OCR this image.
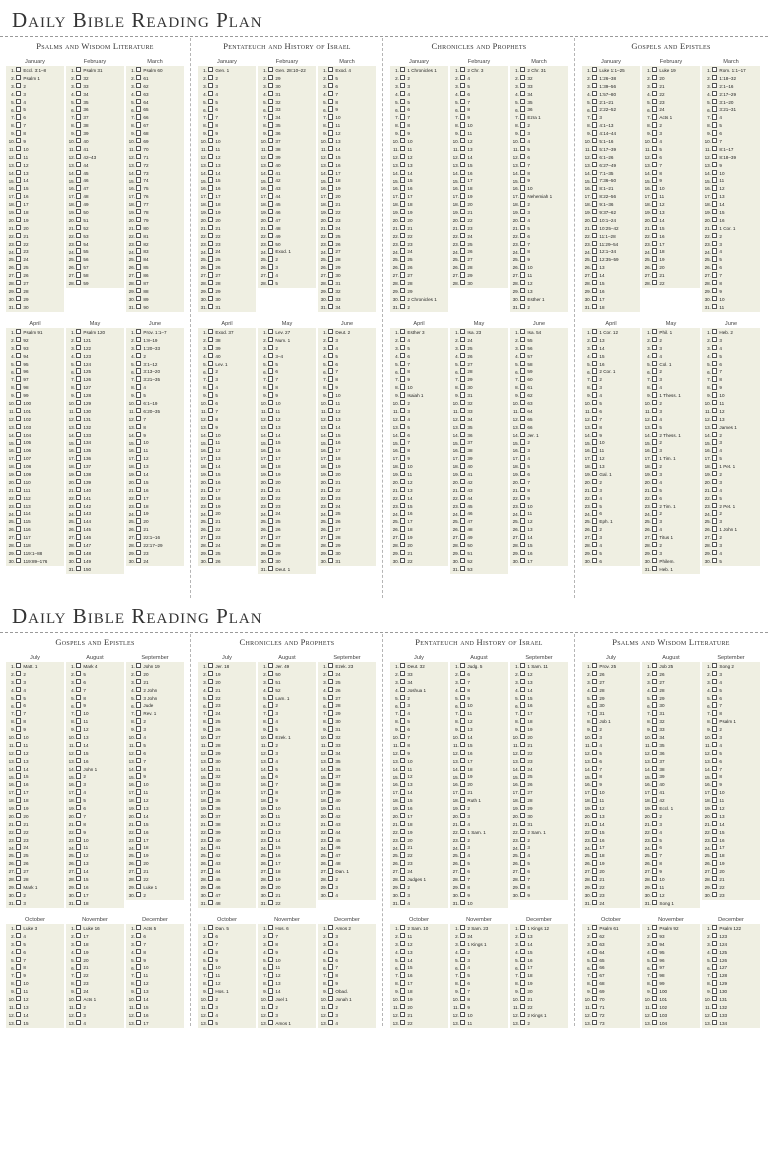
Daily Bible Reading Plan
Psalms and Wisdom Literature
January
1. Eccl. 3:1–8
2. Psalm 1
3. 2
4. 3
5. 4
6. 5
7. 6
8. 7
9. 8
10. 9
11. 10
12. 11
13. 12
14. 13
15. 14
16. 15
17. 16
18. 17
19. 18
20. 19
21. 20
22. 21
23. 22
24. 23
25. 24
26. 25
27. 26
28. 27
29. 28
30. 29
31. 30
February
1. Psalm 31
2. 32
3. 33
4. 34
5. 35
6. 36
7. 37
8. 38
9. 39
10. 40
11. 41
12. 42–43
13. 44
14. 45
15. 46
16. 47
17. 48
18. 49
19. 50
20. 51
21. 52
22. 53
23. 54
24. 55
25. 56
26. 57
27. 58
28. 59
March
1. Psalm 60
2. 61
3. 62
4. 63
5. 64
6. 65
7. 66
8. 67
9. 68
10. 69
11. 70
12. 71
13. 72
14. 73
15. 74
16. 75
17. 76
18. 77
19. 78
20. 79
21. 80
22. 81
23. 82
24. 83
25. 84
26. 85
27. 86
28. 87
29. 88
30. 89
31. 90
April
1. Psalm 91
2. 92
3. 93
4. 94
5. 95
6. 96
7. 97
8. 98
9. 99
10. 100
11. 101
12. 102
13. 103
14. 104
15. 105
16. 106
17. 107
18. 108
19. 109
20. 110
21. 111
22. 112
23. 113
24. 114
25. 115
26. 116
27. 117
28. 118
29. 119:1–88
30. 119:89–176
May
1. Psalm 120
2. 121
3. 122
4. 123
5. 124
6. 125
7. 126
8. 127
9. 128
10. 129
11. 130
12. 131
13. 132
14. 133
15. 134
16. 135
17. 136
18. 137
19. 138
20. 139
21. 140
22. 141
23. 142
24. 143
25. 144
26. 145
27. 146
28. 147
29. 148
30. 149
31. 150
June
1. Prov. 1:1–7
2. 1:8–19
3. 1:20–33
4. 2
5. 3:1–12
6. 3:13–20
7. 3:21–35
8. 4
9. 5
10. 6:1–19
11. 6:20–35
12. 7
13. 8
14. 9
15. 10
16. 11
17. 12
18. 13
19. 14
20. 15
21. 16
22. 17
23. 18
24. 19
25. 20
26. 21
27. 22:1–16
28. 22:17–29
29. 23
30. 24
Pentateuch and History of Israel
January
1. Gen. 1
2. 2
3. 3
4. 4
5. 5
6. 6
7. 7
8. 8
9. 9
10. 10
11. 11
12. 12
13. 13
14. 14
15. 15
16. 16
17. 17
18. 18
19. 19
20. 20
21. 21
22. 22
23. 23
24. 24
25. 25
26. 26
27. 27
28. 28
29. 29
30. 30
31. 31
February
1. Gen. 28:10–22
2. 29
3. 30
4. 31
5. 32
6. 33
7. 34
8. 35
9. 36
10. 37
11. 38
12. 39
13. 40
14. 41
15. 42
16. 43
17. 44
18. 45
19. 46
20. 47
21. 48
22. 49
23. 50
24. Exod. 1
25. 2
26. 3
27. 4
28. 5
March
1. Exod. 4
2. 5
3. 6
4. 7
5. 8
6. 9
7. 10
8. 11
9. 12
10. 13
11. 14
12. 15
13. 16
14. 17
15. 18
16. 19
17. 20
18. 21
19. 22
20. 23
21. 24
22. 25
23. 26
24. 27
25. 28
26. 29
27. 30
28. 31
29. 32
30. 33
31. 34
April
1. Exod. 37
2. 38
3. 39
4. 40
5. Lev. 1
6. 2
7. 3
8. 4
9. 5
10. 6
11. 7
12. 8
13. 9
14. 10
15. 11
16. 12
17. 13
18. 14
19. 15
20. 16
21. 17
22. 18
23. 19
24. 20
25. 21
26. 22
27. 23
28. 24
29. 25
30. 26
May
1. Lev. 27
2. Num. 1
3. 2
4. 3–4
5. 5
6. 6
7. 7
8. 8
9. 9
10. 10
11. 11
12. 12
13. 13
14. 14
15. 15
16. 16
17. 17
18. 18
19. 19
20. 20
21. 21
22. 22
23. 23
24. 24
25. 25
26. 26
27. 27
28. 28
29. 29
30. 30
31. Deut. 1
June
1. Deut. 2
2. 3
3. 4
4. 5
5. 6
6. 7
7. 8
8. 9
9. 10
10. 11
11. 12
12. 13
13. 14
14. 15
15. 16
16. 17
17. 18
18. 19
19. 20
20. 21
21. 22
22. 23
23. 24
24. 25
25. 26
26. 27
27. 28
28. 29
29. 30
30. 31
Chronicles and Prophets
January
1. 1 Chronicles 1
2. 2
3. 3
4. 4
5. 5
6. 6
7. 7
8. 8
9. 9
10. 10
11. 11
12. 12
13. 13
14. 14
15. 15
16. 16
17. 17
18. 18
19. 19
20. 20
21. 21
22. 22
23. 23
24. 24
25. 25
26. 26
27. 27
28. 28
29. 29
30. 2 Chronicles 1
31. 2
February
1. 2 Chr. 3
2. 4
3. 5
4. 6
5. 7
6. 8
7. 9
8. 10
9. 11
10. 12
11. 13
12. 14
13. 15
14. 16
15. 17
16. 18
17. 19
18. 20
19. 21
20. 22
21. 23
22. 24
23. 25
24. 26
25. 27
26. 28
27. 29
28. 30
March
1. 2 Chr. 31
2. 32
3. 33
4. 34
5. 35
6. 36
7. Ezra 1
8. 2
9. 3
10. 4
11. 5
12. 6
13. 7
14. 8
15. 9
16. 10
17. Nehemiah 1
18. 2
19. 3
20. 4
21. 5
22. 6
23. 7
24. 8
25. 9
26. 10
27. 11
28. 12
29. 13
30. Esther 1
31. 2
April
1. Esther 3
2. 4
3. 5
4. 6
5. 7
6. 8
7. 9
8. 10
9. Isaiah 1
10. 2
11. 3
12. 4
13. 5
14. 6
15. 7
16. 8
17. 9
18. 10
19. 11
20. 12
21. 13
22. 14
23. 15
24. 16
25. 17
26. 18
27. 19
28. 20
29. 21
30. 22
May
1. Isa. 23
2. 24
3. 25
4. 26
5. 27
6. 28
7. 29
8. 30
9. 31
10. 32
11. 33
12. 34
13. 35
14. 36
15. 37
16. 38
17. 39
18. 40
19. 41
20. 42
21. 43
22. 44
23. 45
24. 46
25. 47
26. 48
27. 49
28. 50
29. 51
30. 52
31. 53
June
1. Isa. 54
2. 55
3. 56
4. 57
5. 58
6. 59
7. 60
8. 61
9. 62
10. 63
11. 64
12. 65
13. 66
14. Jer. 1
15. 2
16. 3
17. 4
18. 5
19. 6
20. 7
21. 8
22. 9
23. 10
24. 11
25. 12
26. 13
27. 14
28. 15
29. 16
30. 17
Gospels and Epistles
January
1. Luke 1:1–25
2. 1:26–38
3. 1:39–56
4. 1:57–80
5. 2:1–21
6. 2:22–52
7. 3
8. 4:1–13
9. 4:14–44
10. 5:1–16
11. 5:17–39
12. 6:1–26
13. 6:27–49
14. 7:1–35
15. 7:36–50
16. 8:1–21
17. 8:22–56
18. 9:1–36
19. 9:37–62
20. 10:1–24
21. 10:25–42
22. 11:1–28
23. 11:29–54
24. 12:1–34
25. 12:35–59
26. 13
27. 14
28. 15
29. 16
30. 17
31. 18
February
1. Luke 19
2. 20
3. 21
4. 22
5. 23
6. 24
7. Acts 1
8. 2
9. 3
10. 4
11. 5
12. 6
13. 7
14. 8
15. 9
16. 10
17. 11
18. 12
19. 13
20. 14
21. 15
22. 16
23. 17
24. 18
25. 19
26. 20
27. 21
28. 22
March
1. Rom. 1:1–17
2. 1:18–32
3. 2:1–16
4. 2:17–29
5. 3:1–20
6. 3:21–31
7. 4
8. 5
9. 6
10. 7
11. 8:1–17
12. 8:18–39
13. 9
14. 10
15. 11
16. 12
17. 13
18. 14
19. 15
20. 16
21. 1 Cor. 1
22. 2
23. 3
24. 4
25. 5
26. 6
27. 7
28. 8
29. 9
30. 10
31. 11
April
1. 1 Cor. 12
2. 13
3. 14
4. 15
5. 16
6. 2 Cor. 1
7. 2
8. 3
9. 4
10. 5
11. 6
12. 7
13. 8
14. 9
15. 10
16. 11
17. 12
18. 13
19. Gal. 1
20. 2
21. 3
22. 4
23. 5
24. 6
25. Eph. 1
26. 2
27. 3
28. 4
29. 5
30. 6
May
1. Phil. 1
2. 2
3. 3
4. 4
5. Col. 1
6. 2
7. 3
8. 4
9. 1 Thess. 1
10. 2
11. 3
12. 4
13. 5
14. 2 Thess. 1
15. 2
16. 3
17. 1 Tim. 1
18. 2
19. 3
20. 4
21. 5
22. 6
23. 2 Tim. 1
24. 2
25. 3
26. 4
27. Titus 1
28. 2
29. 3
30. Philem.
31. Heb. 1
June
1. Heb. 2
2. 3
3. 4
4. 5
5. 6
6. 7
7. 8
8. 9
9. 10
10. 11
11. 12
12. 13
13. James 1
14. 2
15. 3
16. 4
17. 5
18. 1 Pet. 1
19. 2
20. 3
21. 4
22. 5
23. 2 Pet. 1
24. 2
25. 3
26. 1 John 1
27. 2
28. 3
29. 4
30. 5
Daily Bible Reading Plan
Gospels and Epistles
July
1. Matt. 1
2. 2
3. 3
4. 4
5. 5
6. 6
7. 7
8. 8
9. 9
10. 10
11. 11
12. 12
13. 13
14. 14
15. 15
16. 16
17. 17
18. 18
19. 19
20. 20
21. 21
22. 22
23. 23
24. 24
25. 25
26. 26
27. 27
28. 28
29. Mark 1
30. 2
31. 3
August
1. Mark 4
2. 5
3. 6
4. 7
5. 8
6. 9
7. 10
8. 11
9. 12
10. 13
11. 14
12. 15
13. 16
14. John 1
15. 2
16. 3
17. 4
18. 5
19. 6
20. 7
21. 8
22. 9
23. 10
24. 11
25. 12
26. 13
27. 14
28. 15
29. 16
30. 17
31. 18
September
1. John 19
2. 20
3. 21
4. 2 John
5. 3 John
6. Jude
7. Rev. 1
8. 2
9. 3
10. 4
11. 5
12. 6
13. 7
14. 8
15. 9
16. 10
17. 11
18. 12
19. 13
20. 14
21. 15
22. 16
23. 17
24. 18
25. 19
26. 20
27. 21
28. 22
29. Luke 1
30. 2
October
1. Luke 3
2. 4
3. 5
4. 6
5. 7
6. 8
7. 9
8. 10
9. 11
10. 12
11. 13
12. 14
13. 15
November
1. Luke 16
2. 17
3. 18
4. 19
5. 20
6. 21
7. 22
8. 23
9. 24
10. Acts 1
11. 2
12. 3
13. 4
December
1. Acts 5
2. 6
3. 7
4. 8
5. 9
6. 10
7. 11
8. 12
9. 13
10. 14
11. 15
12. 16
13. 17
Chronicles and Prophets
July
1. Jer. 18
2. 19
3. 20
4. 21
5. 22
6. 23
7. 24
8. 25
9. 26
10. 27
11. 28
12. 29
13. 30
14. 31
15. 32
16. 33
17. 34
18. 35
19. 36
20. 37
21. 38
22. 39
23. 40
24. 41
25. 42
26. 43
27. 44
28. 45
29. 46
30. 47
31. 48
August
1. Jer. 49
2. 50
3. 51
4. 52
5. Lam. 1
6. 2
7. 3
8. 4
9. 5
10. Ezek. 1
11. 2
12. 3
13. 4
14. 5
15. 6
16. 7
17. 8
18. 9
19. 10
20. 11
21. 12
22. 13
23. 14
24. 15
25. 16
26. 17
27. 18
28. 19
29. 20
30. 21
31. 22
September
1. Ezek. 23
2. 24
3. 25
4. 26
5. 27
6. 28
7. 29
8. 30
9. 31
10. 32
11. 33
12. 34
13. 35
14. 36
15. 37
16. 38
17. 39
18. 40
19. 41
20. 42
21. 43
22. 44
23. 45
24. 46
25. 47
26. 48
27. Dan. 1
28. 2
29. 3
30. 4
October
1. Dan. 5
2. 6
3. 7
4. 8
5. 9
6. 10
7. 11
8. 12
9. Hos. 1
10. 2
11. 3
12. 4
13. 5
November
1. Hos. 6
2. 7
3. 8
4. 9
5. 10
6. 11
7. 12
8. 13
9. 14
10. Joel 1
11. 2
12. 3
13. Amos 1
December
1. Amos 2
2. 3
3. 4
4. 5
5. 6
6. 7
7. 8
8. 9
9. Obad.
10. Jonah 1
11. 2
12. 3
13. 4
Pentateuch and History of Israel
July
1. Deut. 32
2. 33
3. 34
4. Joshua 1
5. 2
6. 3
7. 4
8. 5
9. 6
10. 7
11. 8
12. 9
13. 10
14. 11
15. 12
16. 13
17. 14
18. 15
19. 16
20. 17
21. 18
22. 19
23. 20
24. 21
25. 22
26. 23
27. 24
28. Judges 1
29. 2
30. 3
31. 4
August
1. Judg. 5
2. 6
3. 7
4. 8
5. 9
6. 10
7. 11
8. 12
9. 13
10. 14
11. 15
12. 16
13. 17
14. 18
15. 19
16. 20
17. 21
18. Ruth 1
19. 2
20. 3
21. 4
22. 1 Sam. 1
23. 2
24. 3
25. 4
26. 5
27. 6
28. 7
29. 8
30. 9
31. 10
September
1. 1 Sam. 11
2. 12
3. 13
4. 14
5. 15
6. 16
7. 17
8. 18
9. 19
10. 20
11. 21
12. 22
13. 23
14. 24
15. 25
16. 26
17. 27
18. 28
19. 29
20. 30
21. 31
22. 2 Sam. 1
23. 2
24. 3
25. 4
26. 5
27. 6
28. 7
29. 8
30. 9
October
1. 2 Sam. 10
2. 11
3. 12
4. 13
5. 14
6. 15
7. 16
8. 17
9. 18
10. 19
11. 20
12. 21
13. 22
November
1. 2 Sam. 23
2. 24
3. 1 Kings 1
4. 2
5. 3
6. 4
7. 5
8. 6
9. 7
10. 8
11. 9
12. 10
13. 11
December
1. 1 Kings 12
2. 13
3. 14
4. 15
5. 16
6. 17
7. 18
8. 19
9. 20
10. 21
11. 22
12. 2 Kings 1
13. 2
Psalms and Wisdom Literature
July
1. Prov. 25
2. 26
3. 27
4. 28
5. 29
6. 30
7. 31
8. Job 1
9. 2
10. 3
11. 4
12. 5
13. 6
14. 7
15. 8
16. 9
17. 10
18. 11
19. 12
20. 13
21. 14
22. 15
23. 16
24. 17
25. 18
26. 19
27. 20
28. 21
29. 22
30. 23
31. 24
August
1. Job 25
2. 26
3. 27
4. 28
5. 29
6. 30
7. 31
8. 32
9. 33
10. 34
11. 35
12. 36
13. 37
14. 38
15. 39
16. 40
17. 41
18. 42
19. Eccl. 1
20. 2
21. 3
22. 4
23. 5
24. 6
25. 7
26. 8
27. 9
28. 10
29. 11
30. 12
31. Song 1
September
1. Song 2
2. 3
3. 4
4. 5
5. 6
6. 7
7. 8
8. Psalm 1
9. 2
10. 3
11. 4
12. 5
13. 6
14. 7
15. 8
16. 9
17. 10
18. 11
19. 12
20. 13
21. 14
22. 15
23. 16
24. 17
25. 18
26. 19
27. 20
28. 21
29. 22
30. 23
October
1. Psalm 61
2. 62
3. 63
4. 64
5. 65
6. 66
7. 67
8. 68
9. 69
10. 70
11. 71
12. 72
13. 73
November
1. Psalm 92
2. 93
3. 94
4. 95
5. 96
6. 97
7. 98
8. 99
9. 100
10. 101
11. 102
12. 103
13. 104
December
1. Psalm 122
2. 123
3. 124
4. 125
5. 126
6. 127
7. 128
8. 129
9. 130
10. 131
11. 132
12. 133
13. 134
